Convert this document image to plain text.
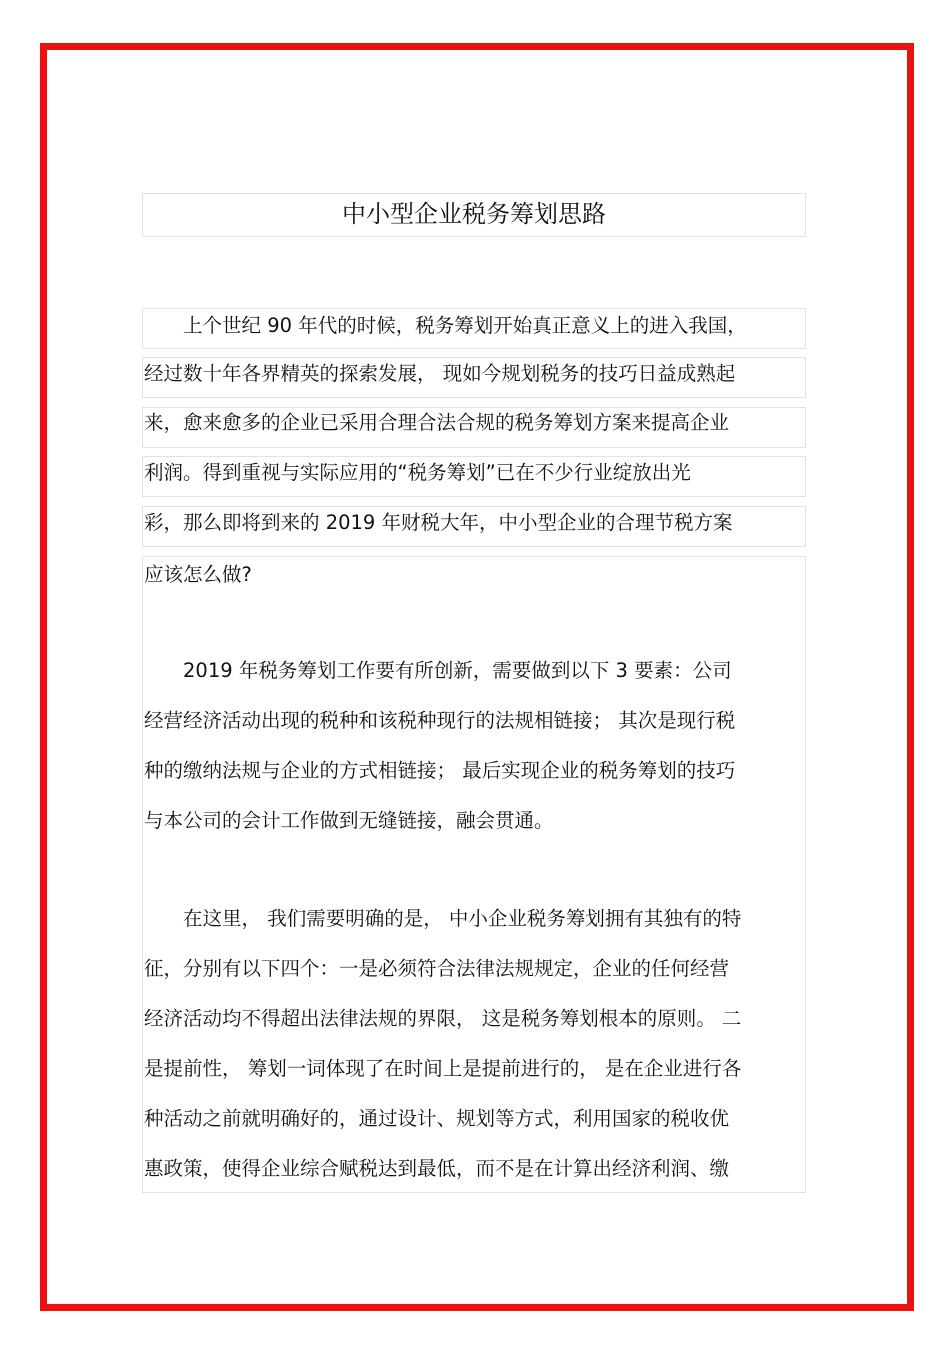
中小型企业税务筹划思路
　　上个世纪 90 年代的时候，税务筹划开始真正意义上的进入我国，
经过数十年各界精英的探索发展， 现如今规划税务的技巧日益成熟起
来，愈来愈多的企业已采用合理合法合规的税务筹划方案来提高企业
利润。得到重视与实际应用的“税务筹划”已在不少行业绽放出光
彩，那么即将到来的 2019 年财税大年，中小型企业的合理节税方案
应该怎么做?
　　2019 年税务筹划工作要有所创新，需要做到以下 3 要素：公司
经营经济活动出现的税种和该税种现行的法规相链接； 其次是现行税
种的缴纳法规与企业的方式相链接； 最后实现企业的税务筹划的技巧
与本公司的会计工作做到无缝链接，融会贯通。
　　在这里， 我们需要明确的是， 中小企业税务筹划拥有其独有的特
征，分别有以下四个：一是必须符合法律法规规定，企业的任何经营
经济活动均不得超出法律法规的界限， 这是税务筹划根本的原则。 二
是提前性， 筹划一词体现了在时间上是提前进行的， 是在企业进行各
种活动之前就明确好的，通过设计、规划等方式，利用国家的税收优
惠政策，使得企业综合赋税达到最低，而不是在计算出经济利润、缴
